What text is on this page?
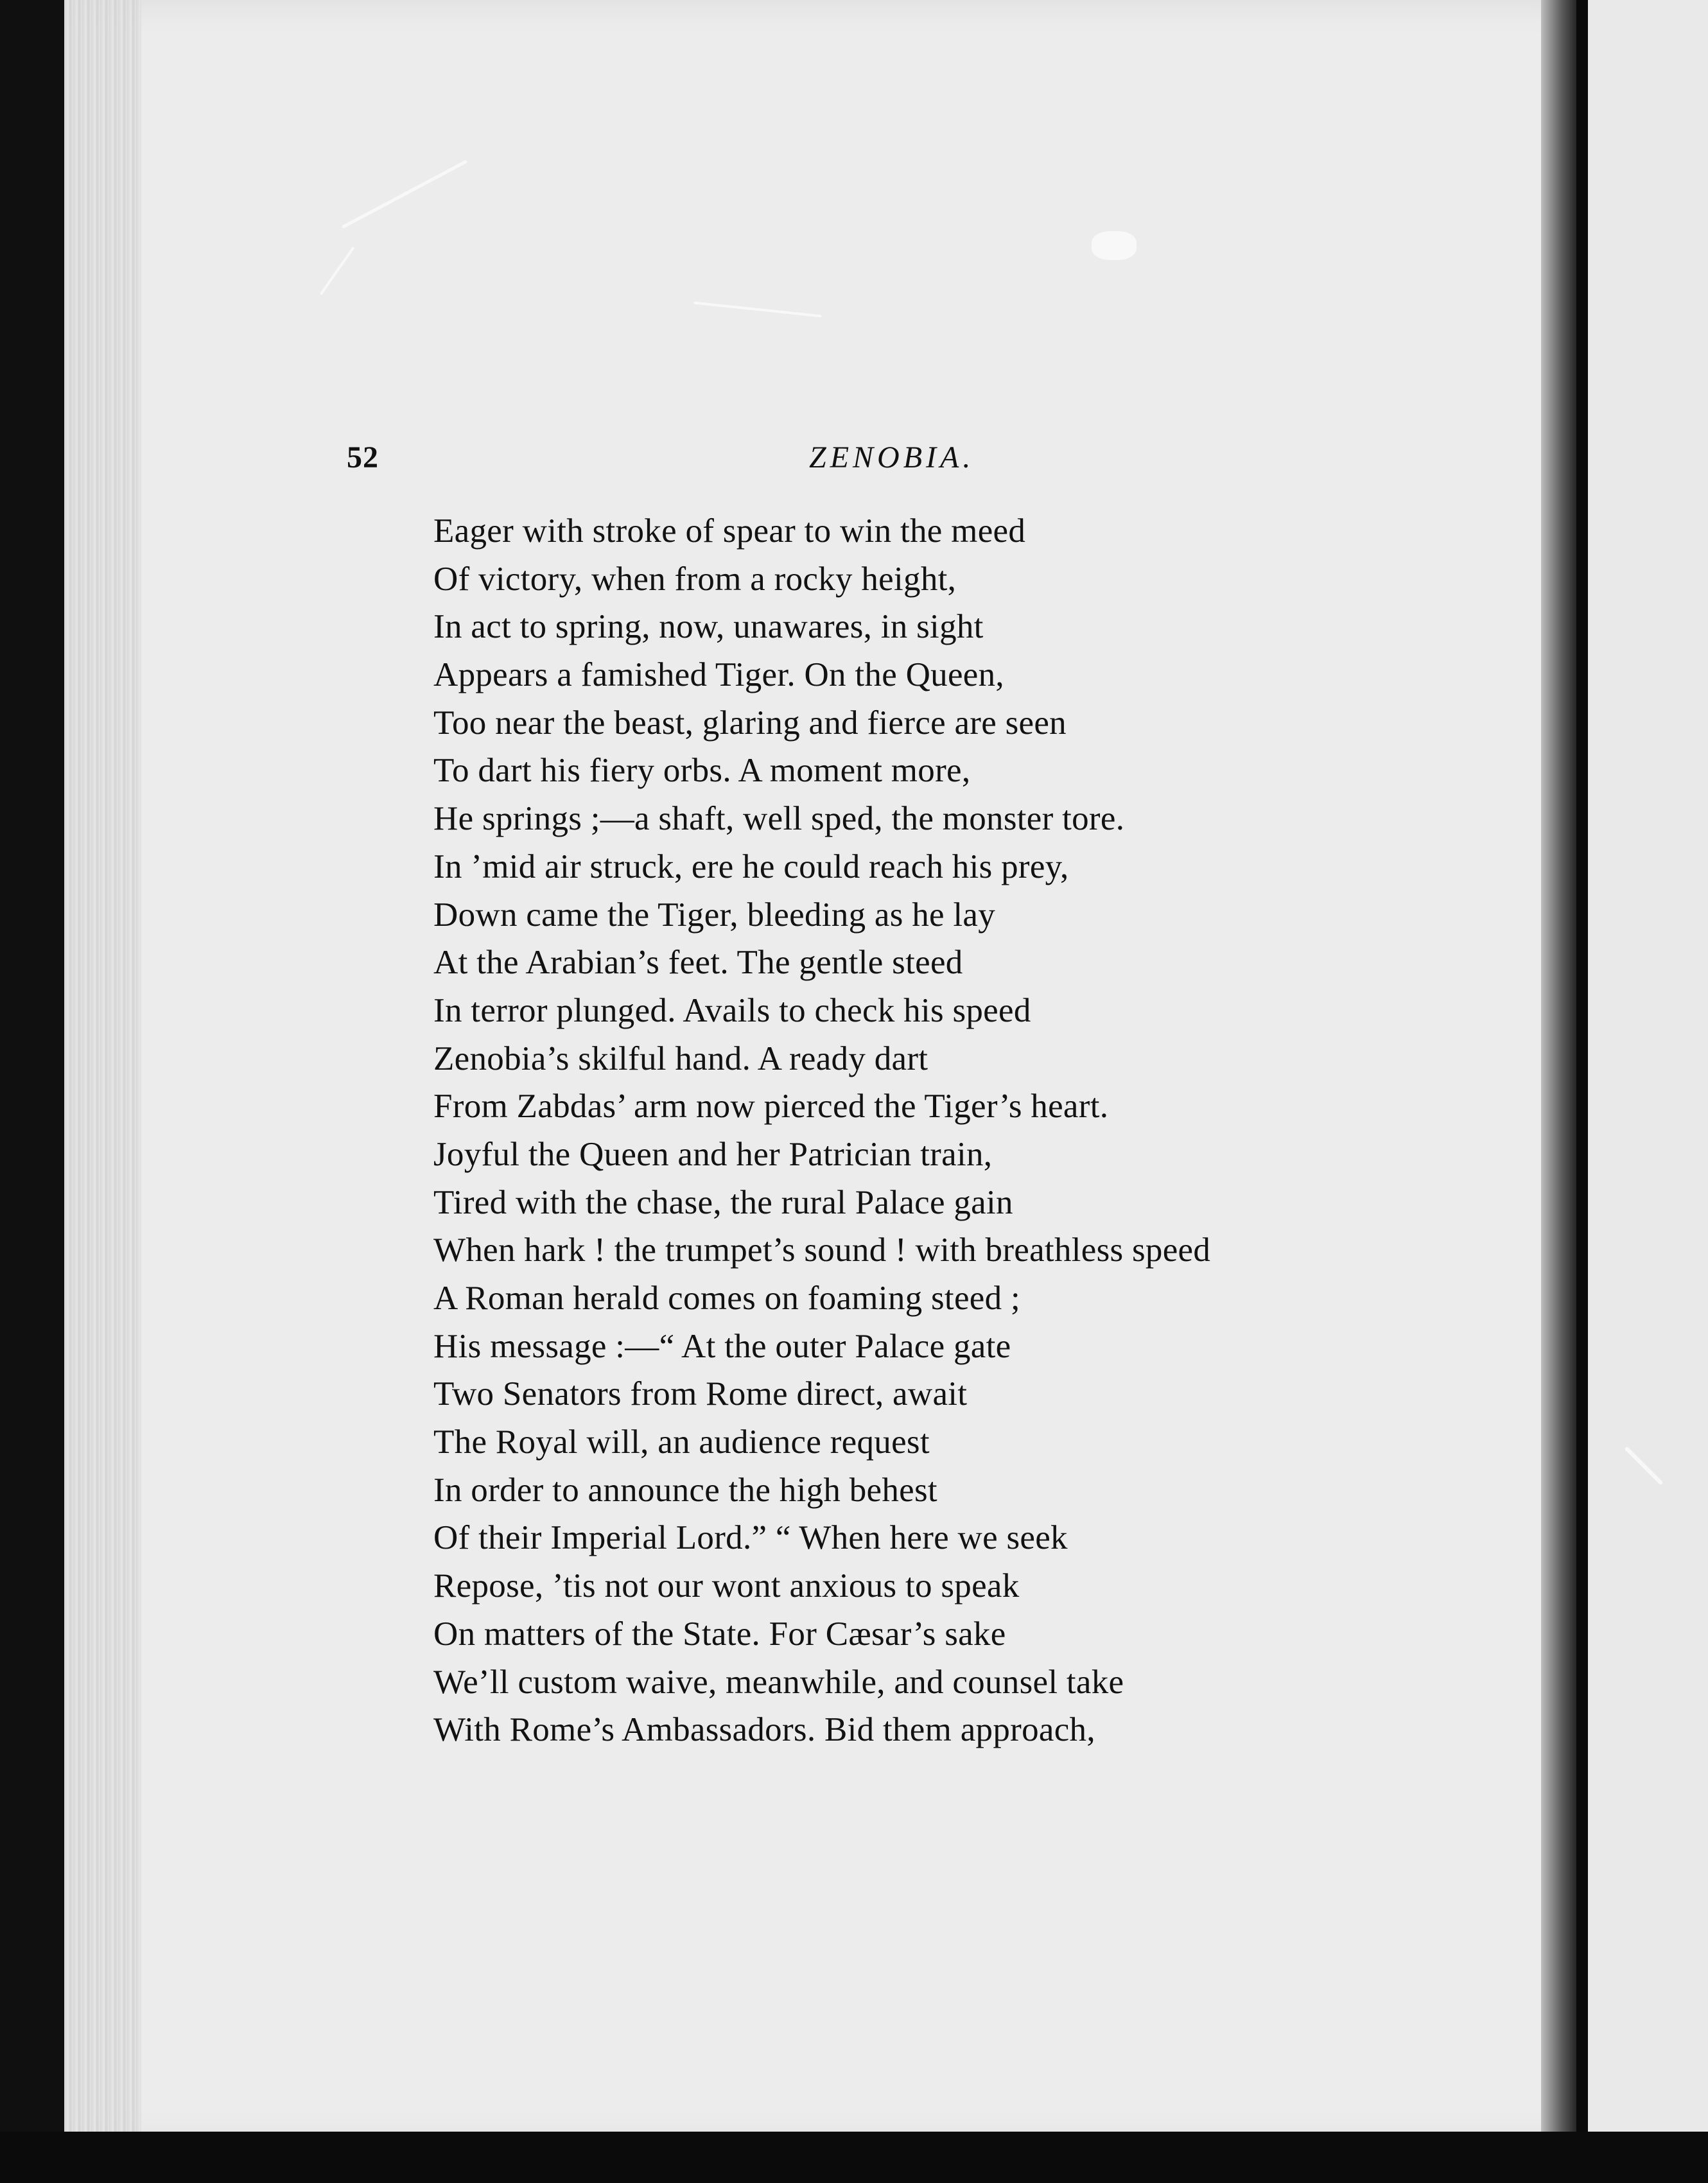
52	ZENOBIA.
Eager with stroke of spear to win the meed
Of victory, when from a rocky height,
In act to spring, now, unawares, in sight
Appears a famished Tiger. On the Queen,
Too near the beast, glaring and fierce are seen
To dart his fiery orbs. A moment more,
He springs ;—a shaft, well sped, the monster tore.
In ’mid air struck, ere he could reach his prey,
Down came the Tiger, bleeding as he lay
At the Arabian’s feet. The gentle steed
In terror plunged. Avails to check his speed
Zenobia’s skilful hand. A ready dart
From Zabdas’ arm now pierced the Tiger’s heart.
Joyful the Queen and her Patrician train,
Tired with the chase, the rural Palace gain
When hark ! the trumpet’s sound ! with breathless speed
A Roman herald comes on foaming steed ;
His message :—“ At the outer Palace gate
Two Senators from Rome direct, await
The Royal will, an audience request
In order to announce the high behest
Of their Imperial Lord.” “ When here we seek
Repose, ’tis not our wont anxious to speak
On matters of the State. For Cæsar’s sake
We’ll custom waive, meanwhile, and counsel take
With Rome’s Ambassadors. Bid them approach,
